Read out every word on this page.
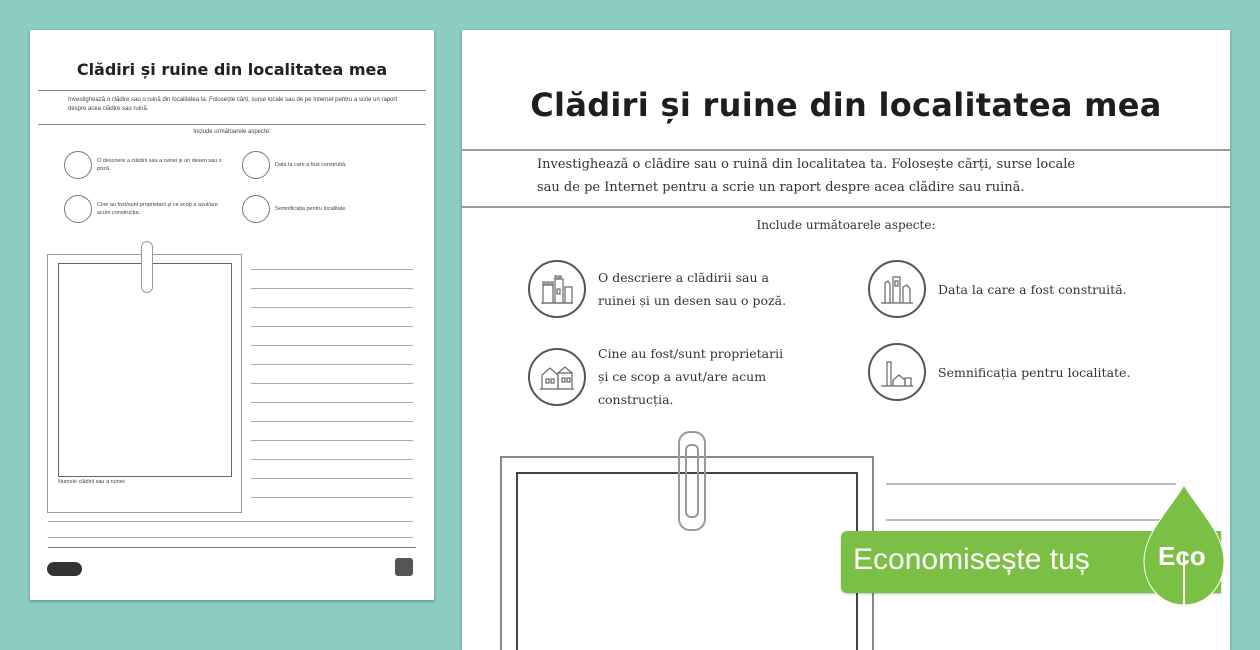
Clădiri și ruine din localitatea mea
Investighează o clădire sau o ruină din localitatea ta. Folosește cărți, surse locale sau de pe Internet pentru a scrie un raport despre acea clădire sau ruină.
Include următoarele aspecte:
O descriere a clădirii sau a ruinei și un desen sau o poză.
Data la care a fost construită.
Cine au fost/sunt proprietarii și ce scop a avut/are acum construcția.
Semnificația pentru localitate.
Numele clădirii sau a ruinei:
Clădiri și ruine din localitatea mea
Investighează o clădire sau o ruină din localitatea ta. Folosește cărți, surse locale
sau de pe Internet pentru a scrie un raport despre acea clădire sau ruină.
Include următoarele aspecte:
O descriere a clădirii sau a
ruinei și un desen sau o poză.
Data la care a fost construită.
Cine au fost/sunt proprietarii
și ce scop a avut/are acum
construcția.
Semnificația pentru localitate.
Economisește tuș	Eco
